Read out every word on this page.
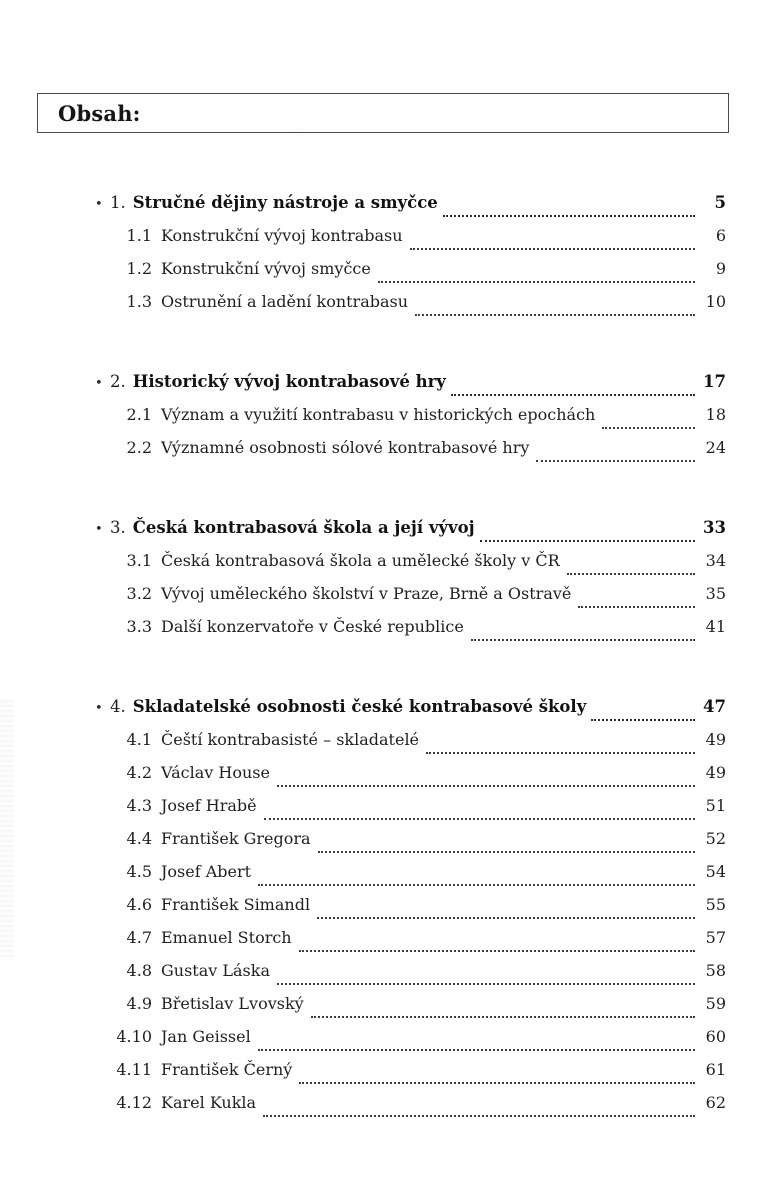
Obsah:
• 1. Stručné dějiny nástroje a smyčce	5
1.1 Konstrukční vývoj kontrabasu	6
1.2 Konstrukční vývoj smyčce	9
1.3 Ostrunění a ladění kontrabasu	10
• 2. Historický vývoj kontrabasové hry	17
2.1 Význam a využití kontrabasu v historických epochách	18
2.2 Významné osobnosti sólové kontrabasové hry	24
• 3. Česká kontrabasová škola a její vývoj	33
3.1 Česká kontrabasová škola a umělecké školy v ČR	34
3.2 Vývoj uměleckého školství v Praze, Brně a Ostravě	35
3.3 Další konzervatoře v České republice	41
• 4. Skladatelské osobnosti české kontrabasové školy	47
4.1 Čeští kontrabasisté – skladatelé	49
4.2 Václav House	49
4.3 Josef Hrabě	51
4.4 František Gregora	52
4.5 Josef Abert	54
4.6 František Simandl	55
4.7 Emanuel Storch	57
4.8 Gustav Láska	58
4.9 Břetislav Lvovský	59
4.10 Jan Geissel	60
4.11 František Černý	61
4.12 Karel Kukla	62
